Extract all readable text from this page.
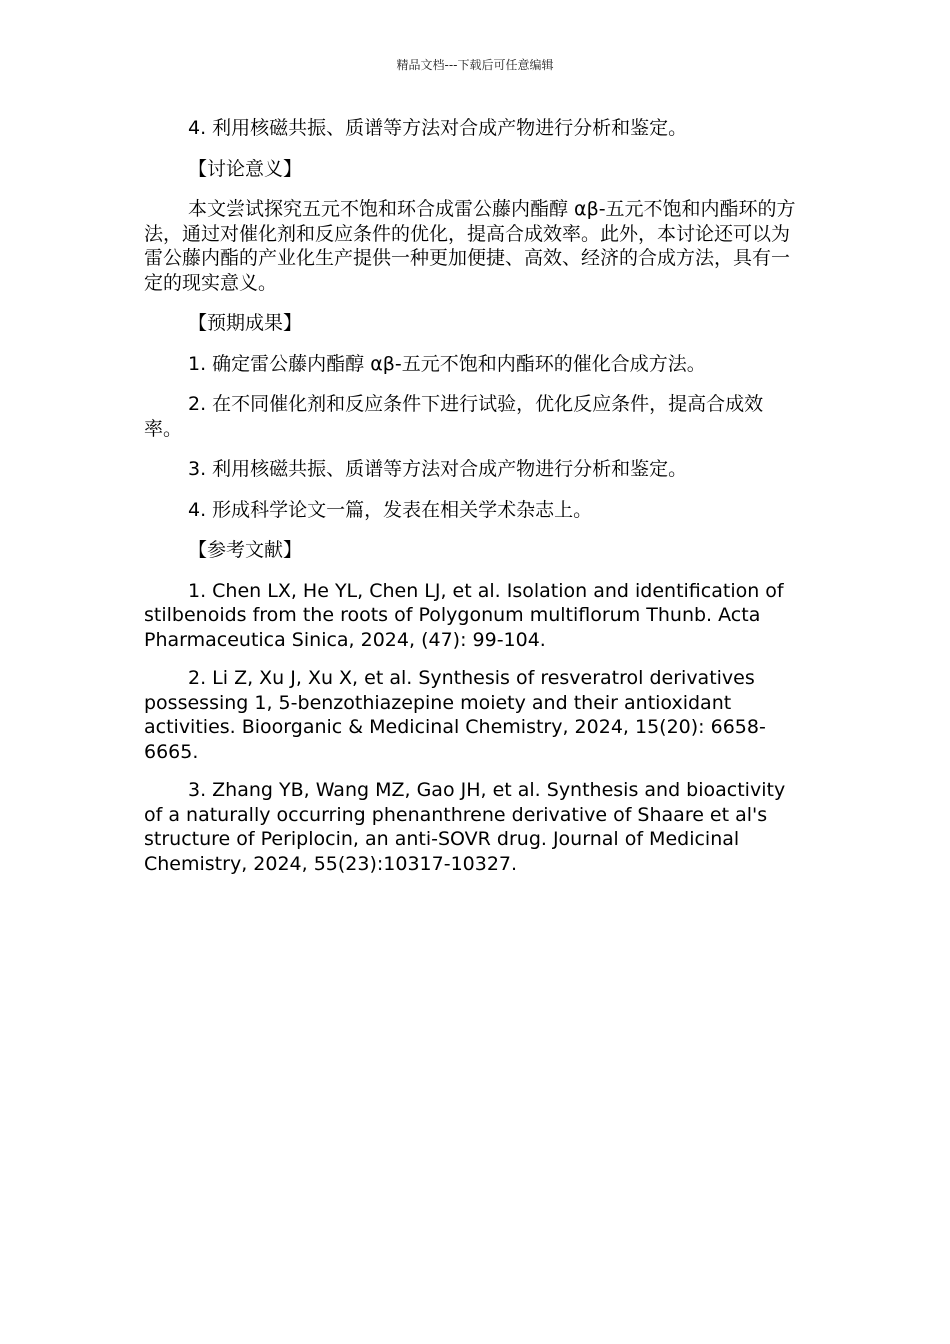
精品文档---下载后可任意编辑

4. 利用核磁共振、质谱等方法对合成产物进行分析和鉴定。

【讨论意义】

本文尝试探究五元不饱和环合成雷公藤内酯醇 αβ-五元不饱和内酯环的方法，通过对催化剂和反应条件的优化，提高合成效率。此外，本讨论还可以为雷公藤内酯的产业化生产提供一种更加便捷、高效、经济的合成方法，具有一定的现实意义。

【预期成果】

1. 确定雷公藤内酯醇 αβ-五元不饱和内酯环的催化合成方法。

2. 在不同催化剂和反应条件下进行试验，优化反应条件，提高合成效率。

3. 利用核磁共振、质谱等方法对合成产物进行分析和鉴定。

4. 形成科学论文一篇，发表在相关学术杂志上。

【参考文献】

1. Chen LX, He YL, Chen LJ, et al. Isolation and identification of stilbenoids from the roots of Polygonum multiflorum Thunb. Acta Pharmaceutica Sinica, 2024, (47): 99-104.

2. Li Z, Xu J, Xu X, et al. Synthesis of resveratrol derivatives possessing 1, 5-benzothiazepine moiety and their antioxidant activities. Bioorganic & Medicinal Chemistry, 2024, 15(20): 6658-6665.

3. Zhang YB, Wang MZ, Gao JH, et al. Synthesis and bioactivity of a naturally occurring phenanthrene derivative of Shaare et al's structure of Periplocin, an anti-SOVR drug. Journal of Medicinal Chemistry, 2024, 55(23):10317-10327.
